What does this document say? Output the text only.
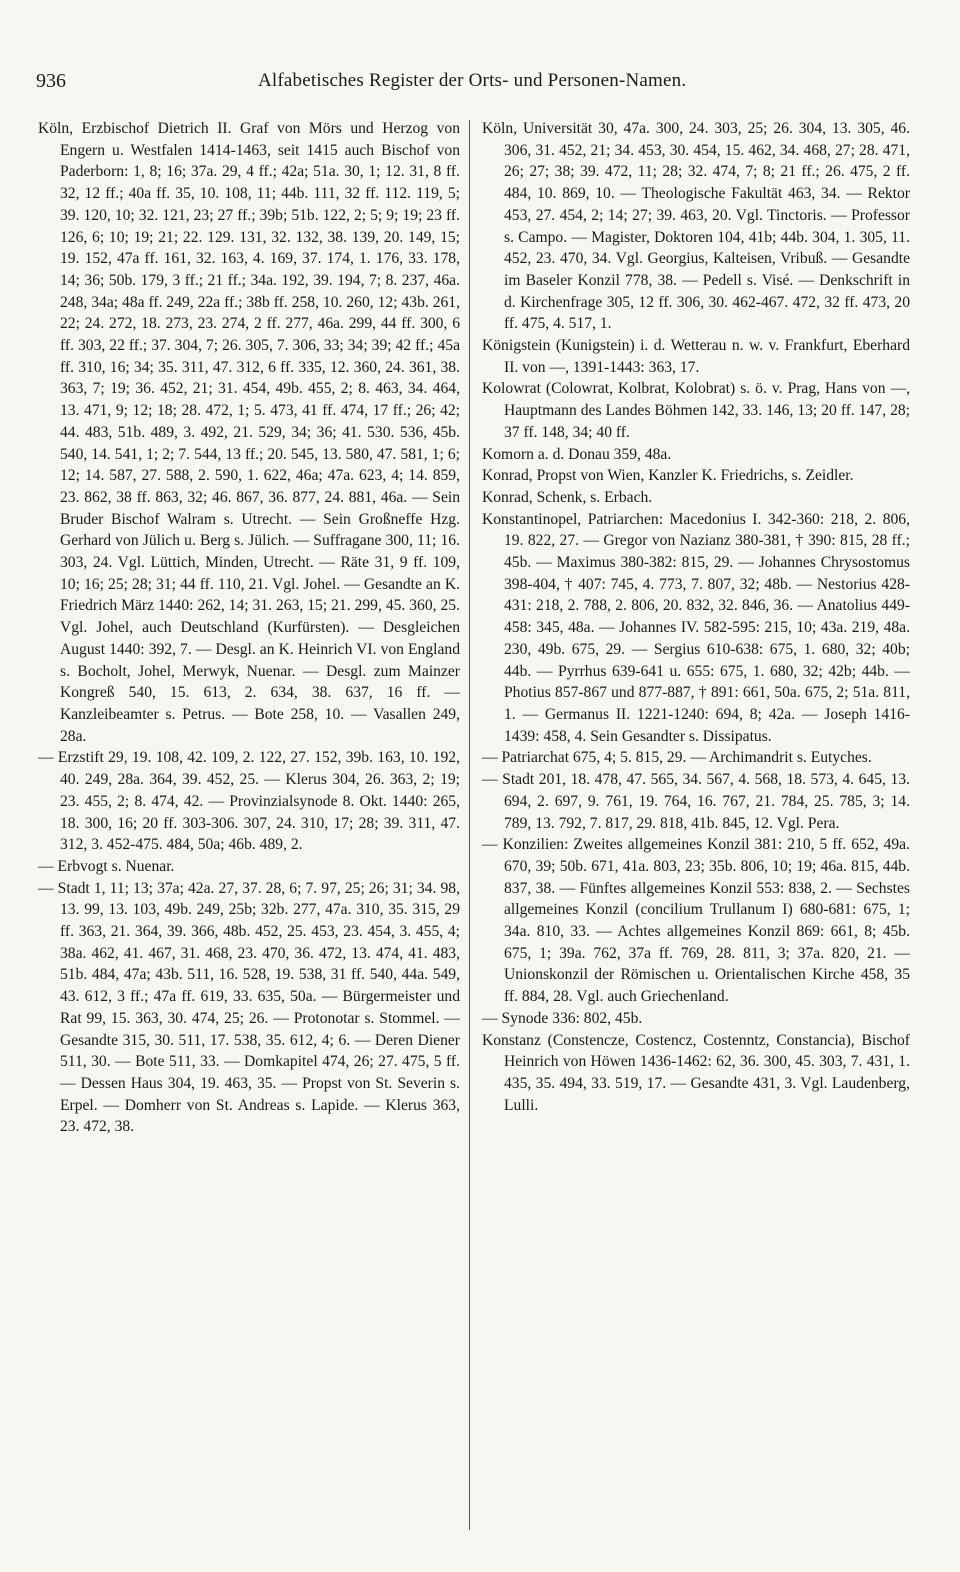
936	Alfabetisches Register der Orts- und Personen-Namen.

Köln, Erzbischof Dietrich II. Graf von Mörs und Herzog von Engern u. Westfalen 1414-1463, seit 1415 auch Bischof von Paderborn: 1, 8; 16; 37a. 29, 4 ff.; 42a; 51a. 30, 1; 12. 31, 8 ff. 32, 12 ff.; 40a ff. 35, 10. 108, 11; 44b. 111, 32 ff. 112. 119, 5; 39. 120, 10; 32. 121, 23; 27 ff.; 39b; 51b. 122, 2; 5; 9; 19; 23 ff. 126, 6; 10; 19; 21; 22. 129. 131, 32. 132, 38. 139, 20. 149, 15; 19. 152, 47a ff. 161, 32. 163, 4. 169, 37. 174, 1. 176, 33. 178, 14; 36; 50b. 179, 3 ff.; 21 ff.; 34a. 192, 39. 194, 7; 8. 237, 46a. 248, 34a; 48a ff. 249, 22a ff.; 38b ff. 258, 10. 260, 12; 43b. 261, 22; 24. 272, 18. 273, 23. 274, 2 ff. 277, 46a. 299, 44 ff. 300, 6 ff. 303, 22 ff.; 37. 304, 7; 26. 305, 7. 306, 33; 34; 39; 42 ff.; 45a ff. 310, 16; 34; 35. 311, 47. 312, 6 ff. 335, 12. 360, 24. 361, 38. 363, 7; 19; 36. 452, 21; 31. 454, 49b. 455, 2; 8. 463, 34. 464, 13. 471, 9; 12; 18; 28. 472, 1; 5. 473, 41 ff. 474, 17 ff.; 26; 42; 44. 483, 51b. 489, 3. 492, 21. 529, 34; 36; 41. 530. 536, 45b. 540, 14. 541, 1; 2; 7. 544, 13 ff.; 20. 545, 13. 580, 47. 581, 1; 6; 12; 14. 587, 27. 588, 2. 590, 1. 622, 46a; 47a. 623, 4; 14. 859, 23. 862, 38 ff. 863, 32; 46. 867, 36. 877, 24. 881, 46a. — Sein Bruder Bischof Walram s. Utrecht. — Sein Großneffe Hzg. Gerhard von Jülich u. Berg s. Jülich. — Suffragane 300, 11; 16. 303, 24. Vgl. Lüttich, Minden, Utrecht. — Räte 31, 9 ff. 109, 10; 16; 25; 28; 31; 44 ff. 110, 21. Vgl. Johel. — Gesandte an K. Friedrich März 1440: 262, 14; 31. 263, 15; 21. 299, 45. 360, 25. Vgl. Johel, auch Deutschland (Kurfürsten). — Desgleichen August 1440: 392, 7. — Desgl. an K. Heinrich VI. von England s. Bocholt, Johel, Merwyk, Nuenar. — Desgl. zum Mainzer Kongreß 540, 15. 613, 2. 634, 38. 637, 16 ff. — Kanzleibeamter s. Petrus. — Bote 258, 10. — Vasallen 249, 28a.

— Erzstift 29, 19. 108, 42. 109, 2. 122, 27. 152, 39b. 163, 10. 192, 40. 249, 28a. 364, 39. 452, 25. — Klerus 304, 26. 363, 2; 19; 23. 455, 2; 8. 474, 42. — Provinzialsynode 8. Okt. 1440: 265, 18. 300, 16; 20 ff. 303-306. 307, 24. 310, 17; 28; 39. 311, 47. 312, 3. 452-475. 484, 50a; 46b. 489, 2.

— Erbvogt s. Nuenar.

— Stadt 1, 11; 13; 37a; 42a. 27, 37. 28, 6; 7. 97, 25; 26; 31; 34. 98, 13. 99, 13. 103, 49b. 249, 25b; 32b. 277, 47a. 310, 35. 315, 29 ff. 363, 21. 364, 39. 366, 48b. 452, 25. 453, 23. 454, 3. 455, 4; 38a. 462, 41. 467, 31. 468, 23. 470, 36. 472, 13. 474, 41. 483, 51b. 484, 47a; 43b. 511, 16. 528, 19. 538, 31 ff. 540, 44a. 549, 43. 612, 3 ff.; 47a ff. 619, 33. 635, 50a. — Bürgermeister und Rat 99, 15. 363, 30. 474, 25; 26. — Protonotar s. Stommel. — Gesandte 315, 30. 511, 17. 538, 35. 612, 4; 6. — Deren Diener 511, 30. — Bote 511, 33. — Domkapitel 474, 26; 27. 475, 5 ff. — Dessen Haus 304, 19. 463, 35. — Propst von St. Severin s. Erpel. — Domherr von St. Andreas s. Lapide. — Klerus 363, 23. 472, 38.

Köln, Universität 30, 47a. 300, 24. 303, 25; 26. 304, 13. 305, 46. 306, 31. 452, 21; 34. 453, 30. 454, 15. 462, 34. 468, 27; 28. 471, 26; 27; 38; 39. 472, 11; 28; 32. 474, 7; 8; 21 ff.; 26. 475, 2 ff. 484, 10. 869, 10. — Theologische Fakultät 463, 34. — Rektor 453, 27. 454, 2; 14; 27; 39. 463, 20. Vgl. Tinctoris. — Professor s. Campo. — Magister, Doktoren 104, 41b; 44b. 304, 1. 305, 11. 452, 23. 470, 34. Vgl. Georgius, Kalteisen, Vribuß. — Gesandte im Baseler Konzil 778, 38. — Pedell s. Visé. — Denkschrift in d. Kirchenfrage 305, 12 ff. 306, 30. 462-467. 472, 32 ff. 473, 20 ff. 475, 4. 517, 1.

Königstein (Kunigstein) i. d. Wetterau n. w. v. Frankfurt, Eberhard II. von —, 1391-1443: 363, 17.

Kolowrat (Colowrat, Kolbrat, Kolobrat) s. ö. v. Prag, Hans von —, Hauptmann des Landes Böhmen 142, 33. 146, 13; 20 ff. 147, 28; 37 ff. 148, 34; 40 ff.

Komorn a. d. Donau 359, 48a.

Konrad, Propst von Wien, Kanzler K. Friedrichs, s. Zeidler.

Konrad, Schenk, s. Erbach.

Konstantinopel, Patriarchen: Macedonius I. 342-360: 218, 2. 806, 19. 822, 27. — Gregor von Nazianz 380-381, † 390: 815, 28 ff.; 45b. — Maximus 380-382: 815, 29. — Johannes Chrysostomus 398-404, † 407: 745, 4. 773, 7. 807, 32; 48b. — Nestorius 428-431: 218, 2. 788, 2. 806, 20. 832, 32. 846, 36. — Anatolius 449-458: 345, 48a. — Johannes IV. 582-595: 215, 10; 43a. 219, 48a. 230, 49b. 675, 29. — Sergius 610-638: 675, 1. 680, 32; 40b; 44b. — Pyrrhus 639-641 u. 655: 675, 1. 680, 32; 42b; 44b. — Photius 857-867 und 877-887, † 891: 661, 50a. 675, 2; 51a. 811, 1. — Germanus II. 1221-1240: 694, 8; 42a. — Joseph 1416-1439: 458, 4. Sein Gesandter s. Dissipatus.

— Patriarchat 675, 4; 5. 815, 29. — Archimandrit s. Eutyches.

— Stadt 201, 18. 478, 47. 565, 34. 567, 4. 568, 18. 573, 4. 645, 13. 694, 2. 697, 9. 761, 19. 764, 16. 767, 21. 784, 25. 785, 3; 14. 789, 13. 792, 7. 817, 29. 818, 41b. 845, 12. Vgl. Pera.

— Konzilien: Zweites allgemeines Konzil 381: 210, 5 ff. 652, 49a. 670, 39; 50b. 671, 41a. 803, 23; 35b. 806, 10; 19; 46a. 815, 44b. 837, 38. — Fünftes allgemeines Konzil 553: 838, 2. — Sechstes allgemeines Konzil (concilium Trullanum I) 680-681: 675, 1; 34a. 810, 33. — Achtes allgemeines Konzil 869: 661, 8; 45b. 675, 1; 39a. 762, 37a ff. 769, 28. 811, 3; 37a. 820, 21. — Unionskonzil der Römischen u. Orientalischen Kirche 458, 35 ff. 884, 28. Vgl. auch Griechenland.

— Synode 336: 802, 45b.

Konstanz (Constencze, Costencz, Costenntz, Constancia), Bischof Heinrich von Höwen 1436-1462: 62, 36. 300, 45. 303, 7. 431, 1. 435, 35. 494, 33. 519, 17. — Gesandte 431, 3. Vgl. Laudenberg, Lulli.
